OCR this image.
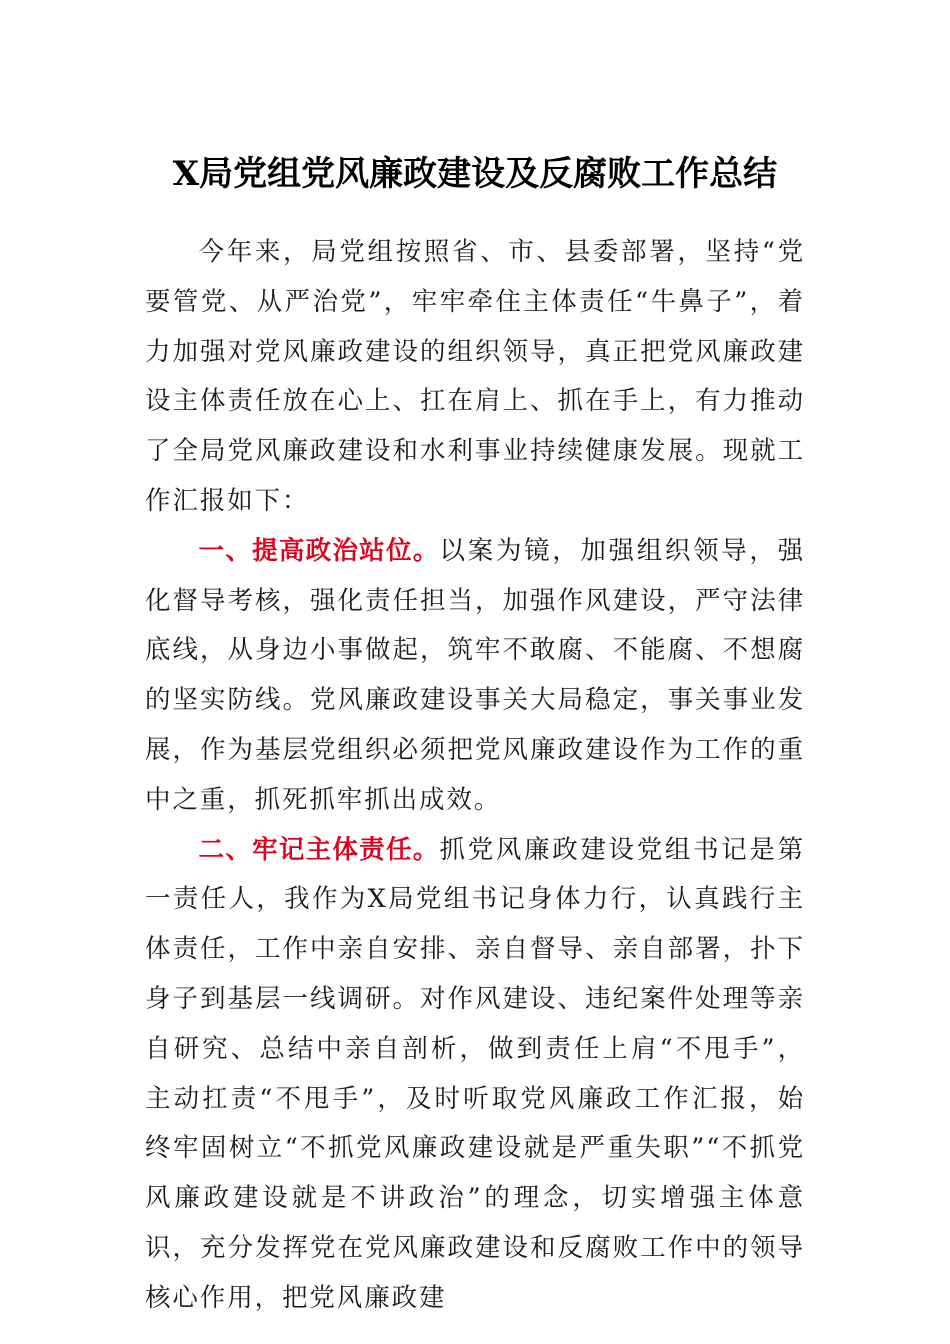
X局党组党风廉政建设及反腐败工作总结

今年来，局党组按照省、市、县委部署，坚持“党要管党、从严治党”，牢牢牵住主体责任“牛鼻子”，着力加强对党风廉政建设的组织领导，真正把党风廉政建设主体责任放在心上、扛在肩上、抓在手上，有力推动了全局党风廉政建设和水利事业持续健康发展。现就工作汇报如下：

一、提高政治站位。以案为镜，加强组织领导，强化督导考核，强化责任担当，加强作风建设，严守法律底线，从身边小事做起，筑牢不敢腐、不能腐、不想腐的坚实防线。党风廉政建设事关大局稳定，事关事业发展，作为基层党组织必须把党风廉政建设作为工作的重中之重，抓死抓牢抓出成效。

二、牢记主体责任。抓党风廉政建设党组书记是第一责任人，我作为X局党组书记身体力行，认真践行主体责任，工作中亲自安排、亲自督导、亲自部署，扑下身子到基层一线调研。对作风建设、违纪案件处理等亲自研究、总结中亲自剖析，做到责任上肩“不甩手”，主动扛责“不甩手”，及时听取党风廉政工作汇报，始终牢固树立“不抓党风廉政建设就是严重失职”“不抓党风廉政建设就是不讲政治”的理念，切实增强主体意识，充分发挥党在党风廉政建设和反腐败工作中的领导核心作用，把党风廉政建
